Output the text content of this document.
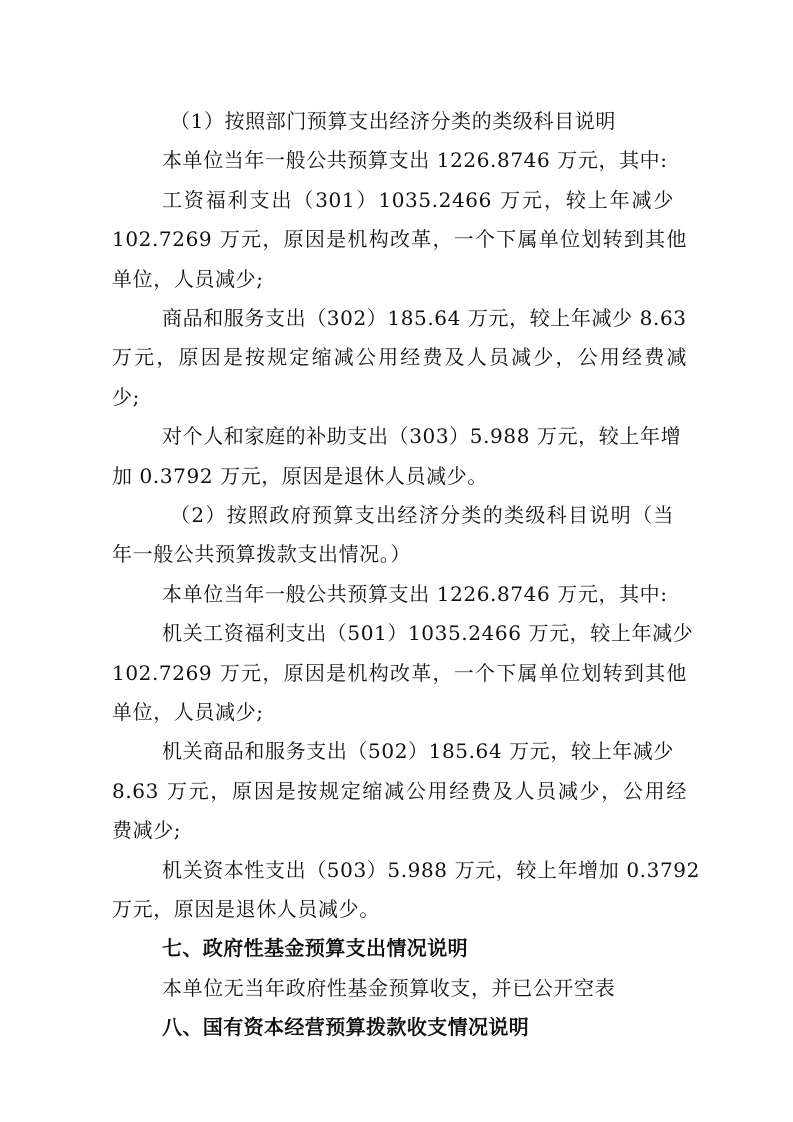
（1）按照部门预算支出经济分类的类级科目说明
本单位当年一般公共预算支出 1226.8746 万元，其中:
工资福利支出（301）1035.2466 万元，较上年减少
102.7269 万元，原因是机构改革，一个下属单位划转到其他
单位，人员减少;
商品和服务支出（302）185.64 万元，较上年减少 8.63
万元，原因是按规定缩减公用经费及人员减少，公用经费减
少;
对个人和家庭的补助支出（303）5.988 万元，较上年增
加 0.3792 万元，原因是退休人员减少。
（2）按照政府预算支出经济分类的类级科目说明（当
年一般公共预算拨款支出情况。）
本单位当年一般公共预算支出 1226.8746 万元，其中:
机关工资福利支出（501）1035.2466 万元，较上年减少
102.7269 万元，原因是机构改革，一个下属单位划转到其他
单位，人员减少;
机关商品和服务支出（502）185.64 万元，较上年减少
8.63 万元，原因是按规定缩减公用经费及人员减少，公用经
费减少;
机关资本性支出（503）5.988 万元，较上年增加 0.3792
万元，原因是退休人员减少。
七、政府性基金预算支出情况说明
本单位无当年政府性基金预算收支，并已公开空表
八、国有资本经营预算拨款收支情况说明
